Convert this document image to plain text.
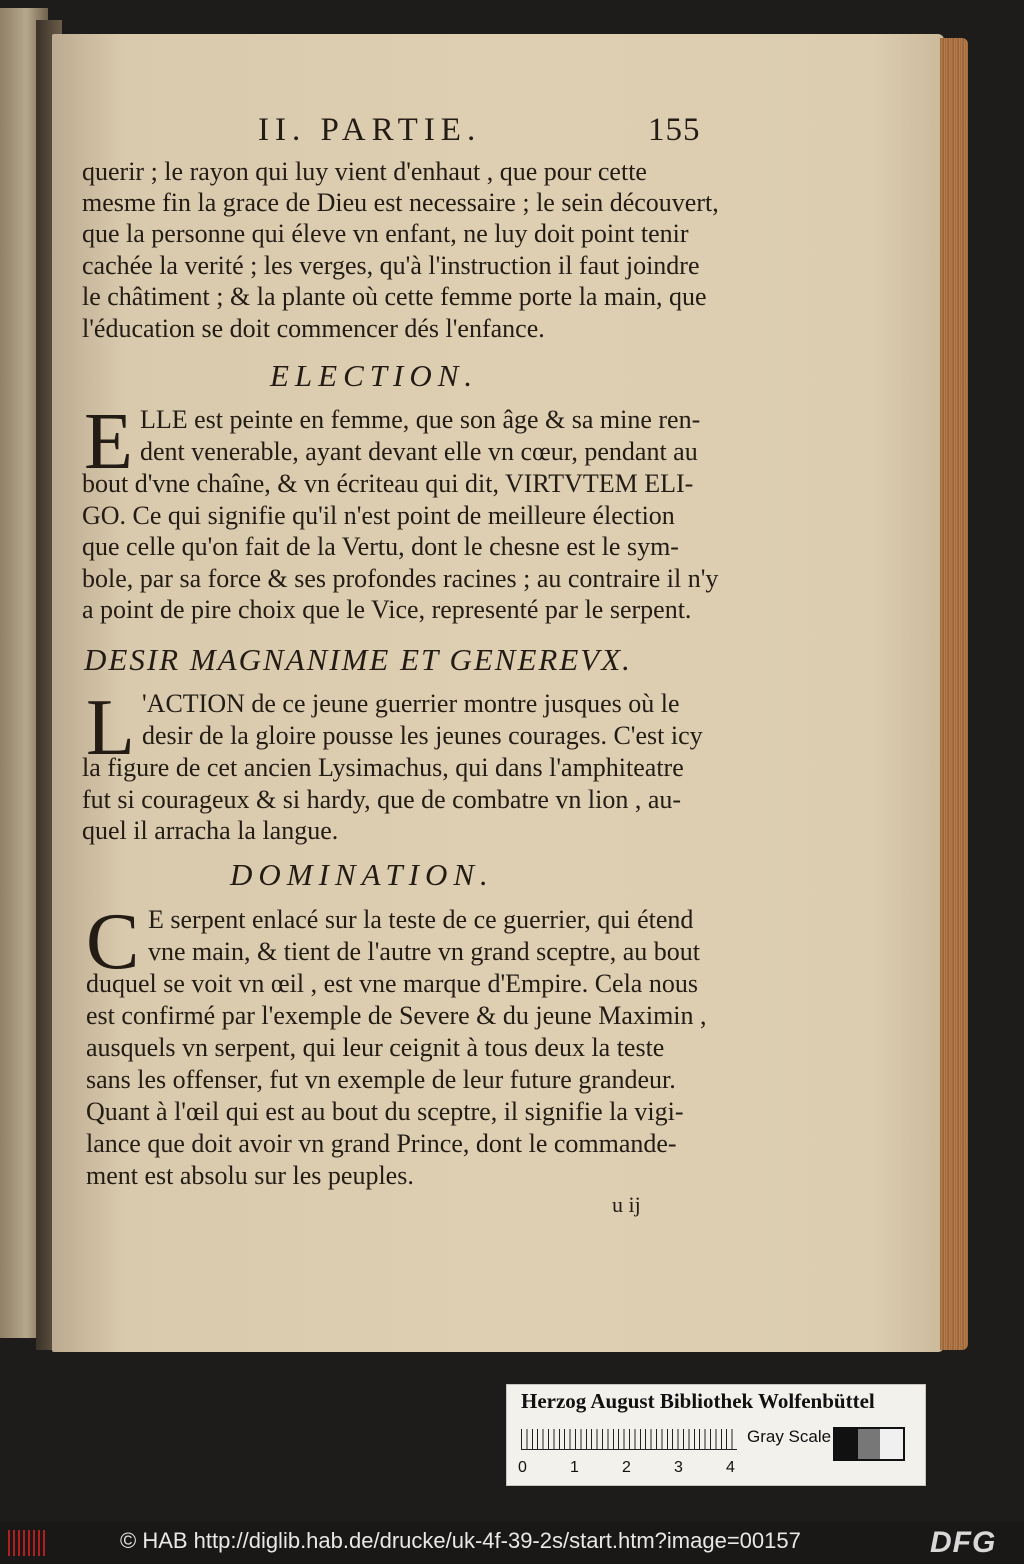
II. PARTIE.	155
querir ; le rayon qui luy vient d'enhaut , que pour cette
mesme fin la grace de Dieu est necessaire ; le sein découvert,
que la personne qui éleve vn enfant, ne luy doit point tenir
cachée la verité ; les verges, qu'à l'instruction il faut joindre
le châtiment ; & la plante où cette femme porte la main, que
l'éducation se doit commencer dés l'enfance.
ELECTION.
E LLE est peinte en femme, que son âge & sa mine ren-
dent venerable, ayant devant elle vn cœur, pendant au
bout d'vne chaîne, & vn écriteau qui dit, VIRTVTEM ELI-
GO. Ce qui signifie qu'il n'est point de meilleure élection
que celle qu'on fait de la Vertu, dont le chesne est le sym-
bole, par sa force & ses profondes racines ; au contraire il n'y
a point de pire choix que le Vice, representé par le serpent.
DESIR MAGNANIME ET GENEREVX.
L 'ACTION de ce jeune guerrier montre jusques où le
desir de la gloire pousse les jeunes courages. C'est icy
la figure de cet ancien Lysimachus, qui dans l'amphiteatre
fut si courageux & si hardy, que de combatre vn lion , au-
quel il arracha la langue.
DOMINATION.
C E serpent enlacé sur la teste de ce guerrier, qui étend
vne main, & tient de l'autre vn grand sceptre, au bout
duquel se voit vn œil , est vne marque d'Empire. Cela nous
est confirmé par l'exemple de Severe & du jeune Maximin ,
ausquels vn serpent, qui leur ceignit à tous deux la teste
sans les offenser, fut vn exemple de leur future grandeur.
Quant à l'œil qui est au bout du sceptre, il signifie la vigi-
lance que doit avoir vn grand Prince, dont le commande-
ment est absolu sur les peuples.
u ij
Herzog August Bibliothek Wolfenbüttel
0	1	2	3	4
Gray Scale
© HAB http://diglib.hab.de/drucke/uk-4f-39-2s/start.htm?image=00157	DFG
